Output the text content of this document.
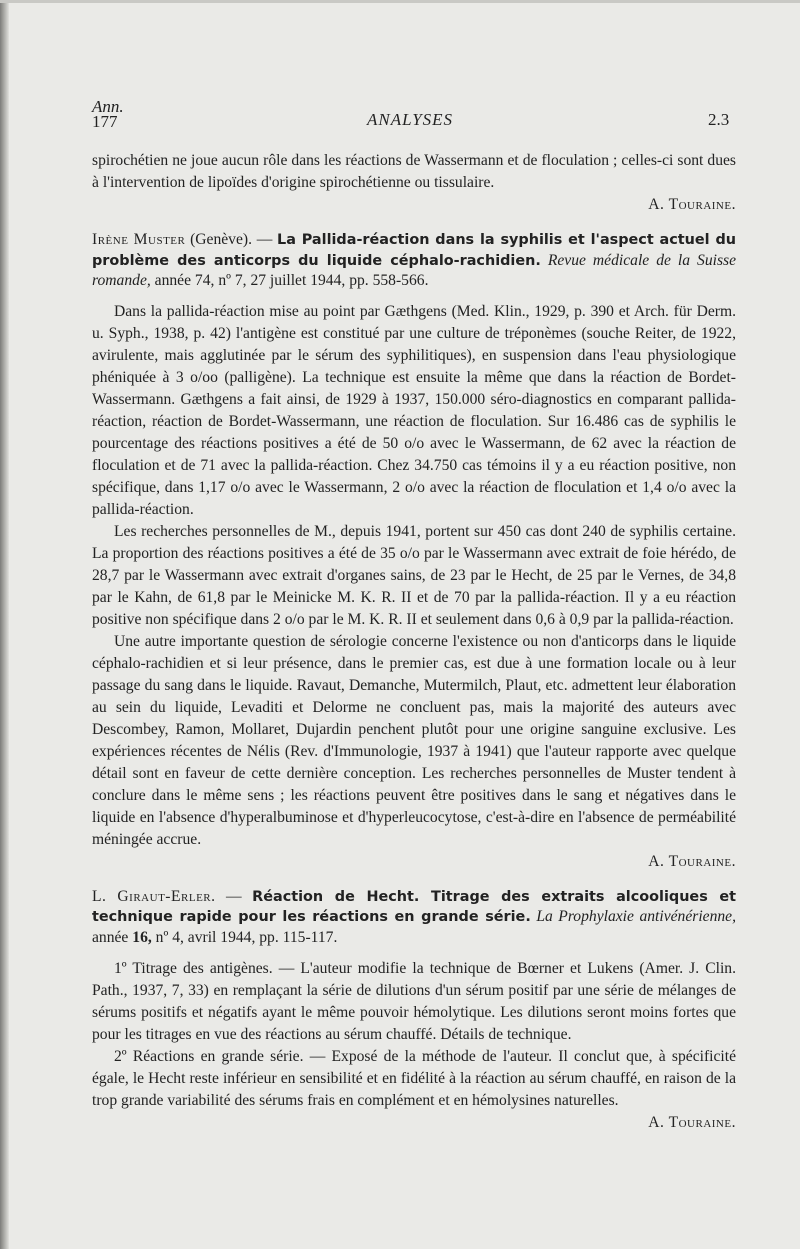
Ann.
177	ANALYSES	2.3

spirochétien ne joue aucun rôle dans les réactions de Wassermann et de floculation ; celles-ci sont dues à l'intervention de lipoïdes d'origine spirochétienne ou tissulaire.

A. Touraine.

Irène Muster (Genève). — La Pallida-réaction dans la syphilis et l'aspect actuel du problème des anticorps du liquide céphalo-rachidien. Revue médicale de la Suisse romande, année 74, nº 7, 27 juillet 1944, pp. 558-566.

Dans la pallida-réaction mise au point par Gæthgens (Med. Klin., 1929, p. 390 et Arch. für Derm. u. Syph., 1938, p. 42) l'antigène est constitué par une culture de tréponèmes (souche Reiter, de 1922, avirulente, mais agglutinée par le sérum des syphilitiques), en suspension dans l'eau physiologique phéniquée à 3 o/oo (palligène). La technique est ensuite la même que dans la réaction de Bordet-Wassermann. Gæthgens a fait ainsi, de 1929 à 1937, 150.000 séro-diagnostics en comparant pallida-réaction, réaction de Bordet-Wassermann, une réaction de floculation. Sur 16.486 cas de syphilis le pourcentage des réactions positives a été de 50 o/o avec le Wassermann, de 62 avec la réaction de floculation et de 71 avec la pallida-réaction. Chez 34.750 cas témoins il y a eu réaction positive, non spécifique, dans 1,17 o/o avec le Wassermann, 2 o/o avec la réaction de floculation et 1,4 o/o avec la pallida-réaction.

Les recherches personnelles de M., depuis 1941, portent sur 450 cas dont 240 de syphilis certaine. La proportion des réactions positives a été de 35 o/o par le Wassermann avec extrait de foie hérédo, de 28,7 par le Wassermann avec extrait d'organes sains, de 23 par le Hecht, de 25 par le Vernes, de 34,8 par le Kahn, de 61,8 par le Meinicke M. K. R. II et de 70 par la pallida-réaction. Il y a eu réaction positive non spécifique dans 2 o/o par le M. K. R. II et seulement dans 0,6 à 0,9 par la pallida-réaction.

Une autre importante question de sérologie concerne l'existence ou non d'anticorps dans le liquide céphalo-rachidien et si leur présence, dans le premier cas, est due à une formation locale ou à leur passage du sang dans le liquide. Ravaut, Demanche, Mutermilch, Plaut, etc. admettent leur élaboration au sein du liquide, Levaditi et Delorme ne concluent pas, mais la majorité des auteurs avec Descombey, Ramon, Mollaret, Dujardin penchent plutôt pour une origine sanguine exclusive. Les expériences récentes de Nélis (Rev. d'Immunologie, 1937 à 1941) que l'auteur rapporte avec quelque détail sont en faveur de cette dernière conception. Les recherches personnelles de Muster tendent à conclure dans le même sens ; les réactions peuvent être positives dans le sang et négatives dans le liquide en l'absence d'hyperalbuminose et d'hyperleucocytose, c'est-à-dire en l'absence de perméabilité méningée accrue.

A. Touraine.

L. Giraut-Erler. — Réaction de Hecht. Titrage des extraits alcooliques et technique rapide pour les réactions en grande série. La Prophylaxie antivénérienne, année 16, nº 4, avril 1944, pp. 115-117.

1º Titrage des antigènes. — L'auteur modifie la technique de Bœrner et Lukens (Amer. J. Clin. Path., 1937, 7, 33) en remplaçant la série de dilutions d'un sérum positif par une série de mélanges de sérums positifs et négatifs ayant le même pouvoir hémolytique. Les dilutions seront moins fortes que pour les titrages en vue des réactions au sérum chauffé. Détails de technique.

2º Réactions en grande série. — Exposé de la méthode de l'auteur. Il conclut que, à spécificité égale, le Hecht reste inférieur en sensibilité et en fidélité à la réaction au sérum chauffé, en raison de la trop grande variabilité des sérums frais en complément et en hémolysines naturelles.

A. Touraine.
